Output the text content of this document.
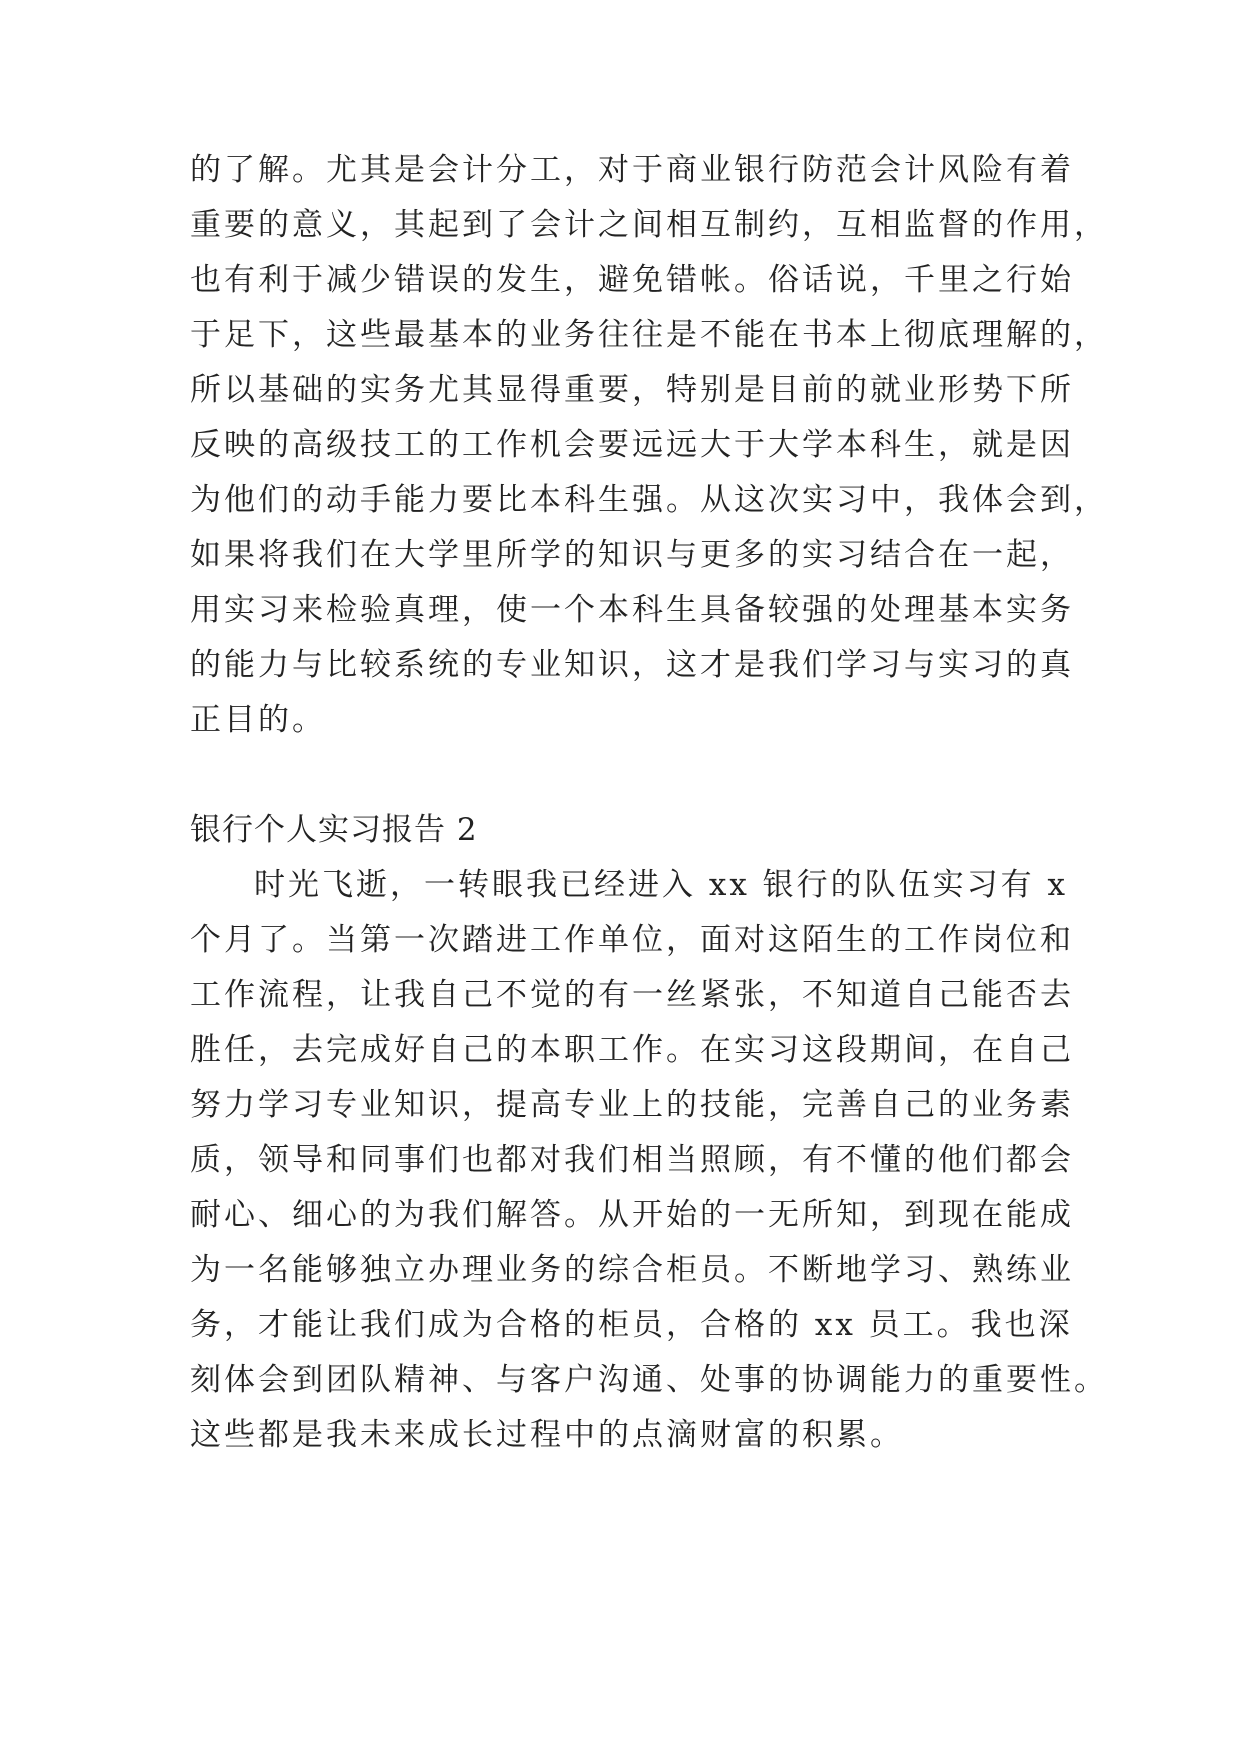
的了解。尤其是会计分工，对于商业银行防范会计风险有着
重要的意义，其起到了会计之间相互制约，互相监督的作用，
也有利于减少错误的发生，避免错帐。俗话说，千里之行始
于足下，这些最基本的业务往往是不能在书本上彻底理解的，
所以基础的实务尤其显得重要，特别是目前的就业形势下所
反映的高级技工的工作机会要远远大于大学本科生，就是因
为他们的动手能力要比本科生强。从这次实习中，我体会到，
如果将我们在大学里所学的知识与更多的实习结合在一起，
用实习来检验真理，使一个本科生具备较强的处理基本实务
的能力与比较系统的专业知识，这才是我们学习与实习的真
正目的。
银行个人实习报告 2
时光飞逝，一转眼我已经进入 xx 银行的队伍实习有 x
个月了。当第一次踏进工作单位，面对这陌生的工作岗位和
工作流程，让我自己不觉的有一丝紧张，不知道自己能否去
胜任，去完成好自己的本职工作。在实习这段期间，在自己
努力学习专业知识，提高专业上的技能，完善自己的业务素
质，领导和同事们也都对我们相当照顾，有不懂的他们都会
耐心、细心的为我们解答。从开始的一无所知，到现在能成
为一名能够独立办理业务的综合柜员。不断地学习、熟练业
务，才能让我们成为合格的柜员，合格的 xx 员工。我也深
刻体会到团队精神、与客户沟通、处事的协调能力的重要性。
这些都是我未来成长过程中的点滴财富的积累。
